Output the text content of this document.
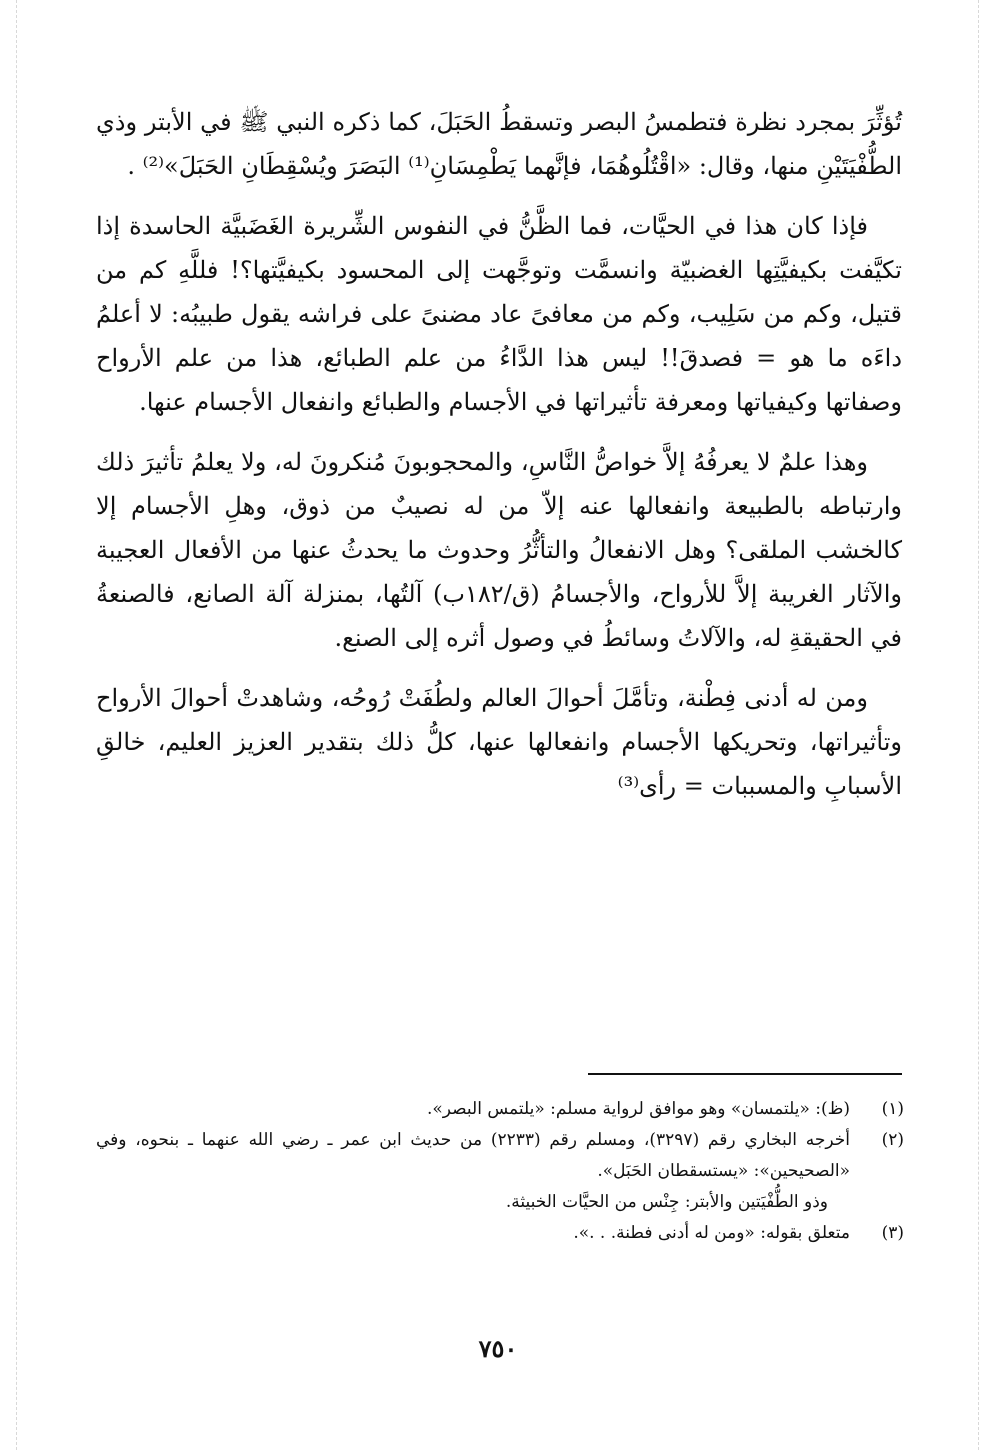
تُؤثِّرَ بمجرد نظرة فتطمسُ البصر وتسقطُ الحَبَلَ، كما ذكره النبي ﷺ في الأبتر وذي الطُّفْيَتَيْنِ منها، وقال: «اقْتُلُوهُمَا، فإنَّهما يَطْمِسَانِ⁽¹⁾ البَصَرَ ويُسْقِطَانِ الحَبَلَ»⁽²⁾ .

فإذا كان هذا في الحيَّات، فما الظَّنُّ في النفوس الشِّريرة الغَضَبيَّة الحاسدة إذا تكيَّفت بكيفيَّتِها الغضبيّة وانسمَّت وتوجَّهت إلى المحسود بكيفيَّتها؟! فللَّهِ كم من قتيل، وكم من سَلِيب، وكم من معافىً عاد مضنىً على فراشه يقول طبيبُه: لا أعلمُ داءَه ما هو = فصدقَ!! ليس هذا الدَّاءُ من علم الطبائع، هذا من علم الأرواح وصفاتها وكيفياتها ومعرفة تأثيراتها في الأجسام والطبائع وانفعال الأجسام عنها.

وهذا علمٌ لا يعرفُهُ إلاَّ خواصُّ النَّاسِ، والمحجوبونَ مُنكرونَ له، ولا يعلمُ تأثيرَ ذلك وارتباطه بالطبيعة وانفعالها عنه إلاّ من له نصيبٌ من ذوق، وهلِ الأجسام إلا كالخشب الملقى؟ وهل الانفعالُ والتأثُّرُ وحدوث ما يحدثُ عنها من الأفعال العجيبة والآثار الغريبة إلاَّ للأرواح، والأجسامُ (ق/١٨٢ب) آلتُها، بمنزلة آلة الصانع، فالصنعةُ في الحقيقةِ له، والآلاتُ وسائطُ في وصول أثره إلى الصنع.

ومن له أدنى فِطْنة، وتأمَّلَ أحوالَ العالم ولطُفَتْ رُوحُه، وشاهدتْ أحوالَ الأرواح وتأثيراتها، وتحريكها الأجسام وانفعالها عنها، كلُّ ذلك بتقدير العزيز العليم، خالقِ الأسبابِ والمسببات = رأى⁽³⁾

(١)
(ظ): «يلتمسان» وهو موافق لرواية مسلم: «يلتمس البصر».
(٢)
أخرجه البخاري رقم (٣٢٩٧)، ومسلم رقم (٢٢٣٣) من حديث ابن عمر ـ رضي الله عنهما ـ بنحوه، وفي «الصحيحين»: «يستسقطان الحَبَل».
وذو الطُّفْيَتين والأبتر: جِنْس من الحيَّات الخبيثة.
(٣)
متعلق بقوله: «ومن له أدنى فطنة. . .».
٧٥٠
